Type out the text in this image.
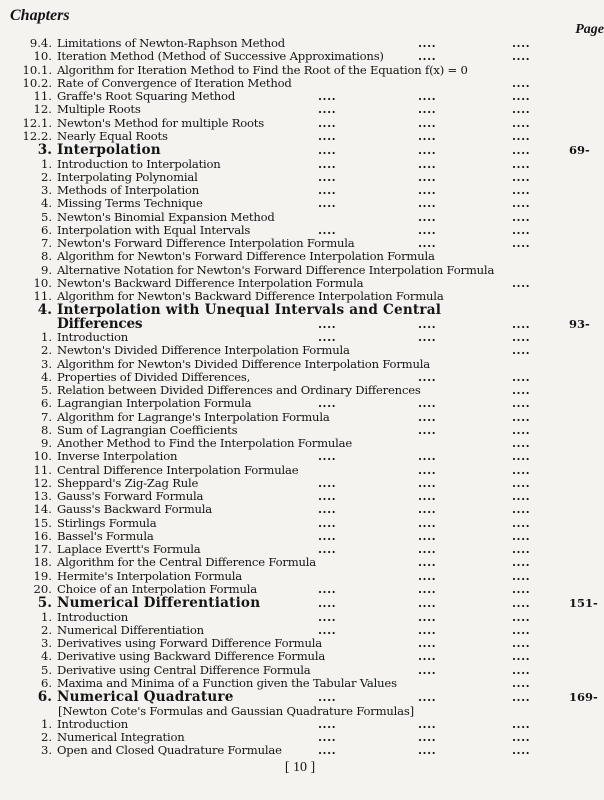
Chapters
Page
9.4. Limitations of Newton-Raphson Method	....	....
10. Iteration Method (Method of Successive Approximations)	....	....
10.1. Algorithm for Iteration Method to Find the Root of the Equation f(x) = 0
10.2. Rate of Convergence of Iteration Method	....
11. Graffe's Root Squaring Method	....	....	....
12. Multiple Roots	....	....	....
12.1. Newton's Method for multiple Roots	....	....	....
12.2. Nearly Equal Roots	....	....	....
3. Interpolation	....	....	....	69-
1. Introduction to Interpolation	....	....	....
2. Interpolating Polynomial	....	....	....
3. Methods of Interpolation	....	....	....
4. Missing Terms Technique	....	....	....
5. Newton's Binomial Expansion Method	....	....
6. Interpolation with Equal Intervals	....	....	....
7. Newton's Forward Difference Interpolation Formula	....	....
8. Algorithm for Newton's Forward Difference Interpolation Formula
9. Alternative Notation for Newton's Forward Difference Interpolation Formula
10. Newton's Backward Difference Interpolation Formula	....
11. Algorithm for Newton's Backward Difference Interpolation Formula
4. Interpolation with Unequal Intervals and Central
Differences	....	....	....	93-
1. Introduction	....	....	....
2. Newton's Divided Difference Interpolation Formula	....
3. Algorithm for Newton's Divided Difference Interpolation Formula
4. Properties of Divided Differences,	....	....
5. Relation between Divided Differences and Ordinary Differences	....
6. Lagrangian Interpolation Formula	....	....	....
7. Algorithm for Lagrange's Interpolation Formula	....	....
8. Sum of Lagrangian Coefficients	....	....
9. Another Method to Find the Interpolation Formulae	....
10. Inverse Interpolation	....	....	....
11. Central Difference Interpolation Formulae	....	....
12. Sheppard's Zig-Zag Rule	....	....	....
13. Gauss's Forward Formula	....	....	....
14. Gauss's Backward Formula	....	....	....
15. Stirlings Formula	....	....	....
16. Bassel's Formula	....	....	....
17. Laplace Evertt's Formula	....	....	....
18. Algorithm for the Central Difference Formula	....	....
19. Hermite's Interpolation Formula	....	....
20. Choice of an Interpolation Formula	....	....	....
5. Numerical Differentiation	....	....	....	151-
1. Introduction	....	....	....
2. Numerical Differentiation	....	....	....
3. Derivatives using Forward Difference Formula	....	....
4. Derivative using Backward Difference Formula	....	....
5. Derivative using Central Difference Formula	....	....
6. Maxima and Minima of a Function given the Tabular Values	....
6. Numerical Quadrature	....	....	....	169-
[Newton Cote's Formulas and Gaussian Quadrature Formulas]
1. Introduction	....	....	....
2. Numerical Integration	....	....	....
3. Open and Closed Quadrature Formulae	....	....	....
[ 10 ]
